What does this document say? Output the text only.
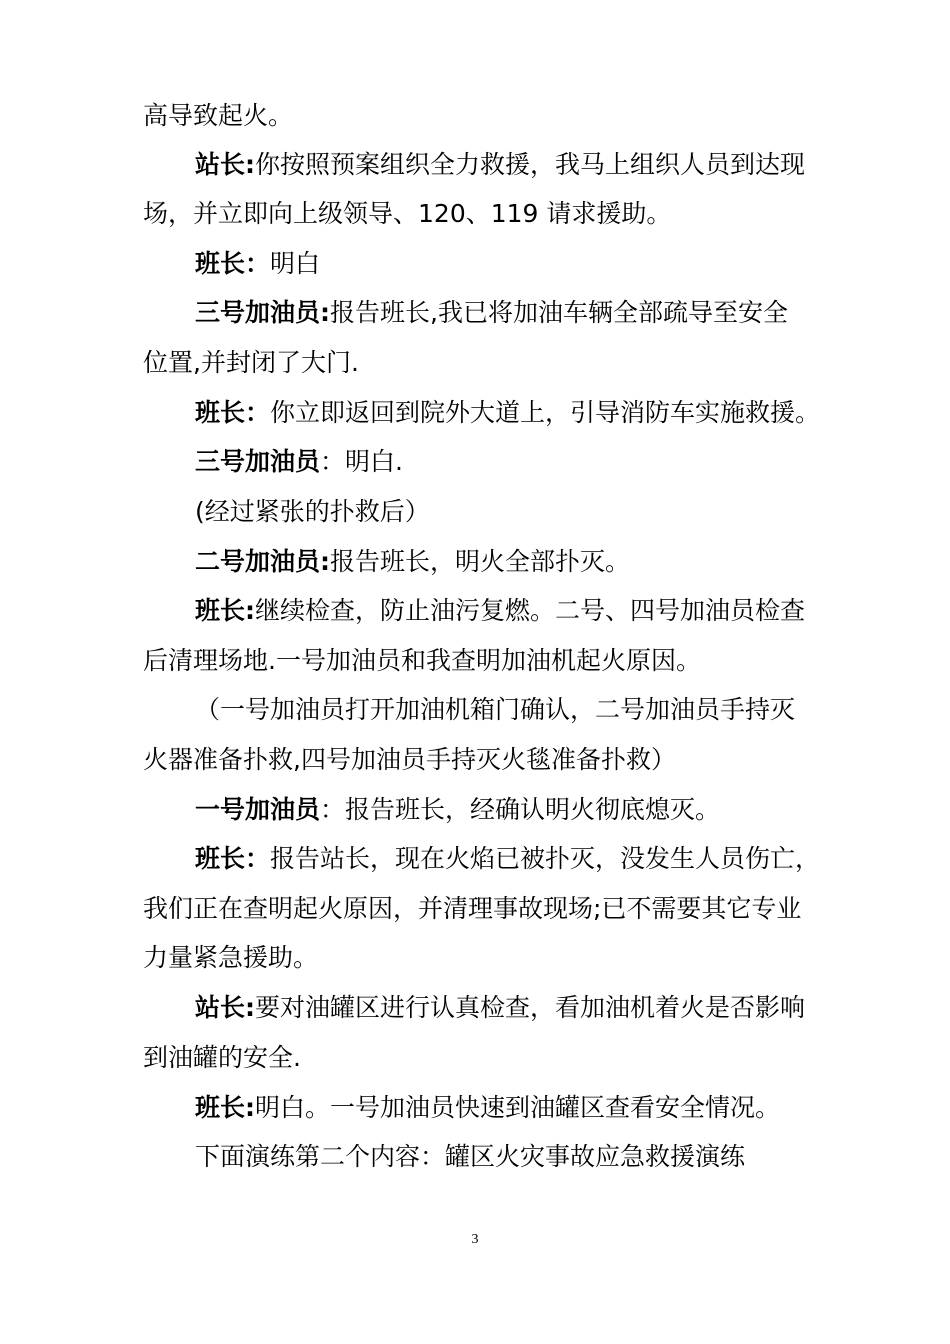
高导致起火。
站长:你按照预案组织全力救援，我马上组织人员到达现
场，并立即向上级领导、120、119 请求援助。
班长：明白
三号加油员:报告班长,我已将加油车辆全部疏导至安全
位置,并封闭了大门.
班长：你立即返回到院外大道上，引导消防车实施救援。
三号加油员：明白.
(经过紧张的扑救后）
二号加油员:报告班长，明火全部扑灭。
班长:继续检查，防止油污复燃。二号、四号加油员检查
后清理场地.一号加油员和我查明加油机起火原因。
（一号加油员打开加油机箱门确认，二号加油员手持灭
火器准备扑救,四号加油员手持灭火毯准备扑救）
一号加油员：报告班长，经确认明火彻底熄灭。
班长：报告站长，现在火焰已被扑灭，没发生人员伤亡，
我们正在查明起火原因，并清理事故现场;已不需要其它专业
力量紧急援助。
站长:要对油罐区进行认真检查，看加油机着火是否影响
到油罐的安全.
班长:明白。一号加油员快速到油罐区查看安全情况。
下面演练第二个内容：罐区火灾事故应急救援演练
3
